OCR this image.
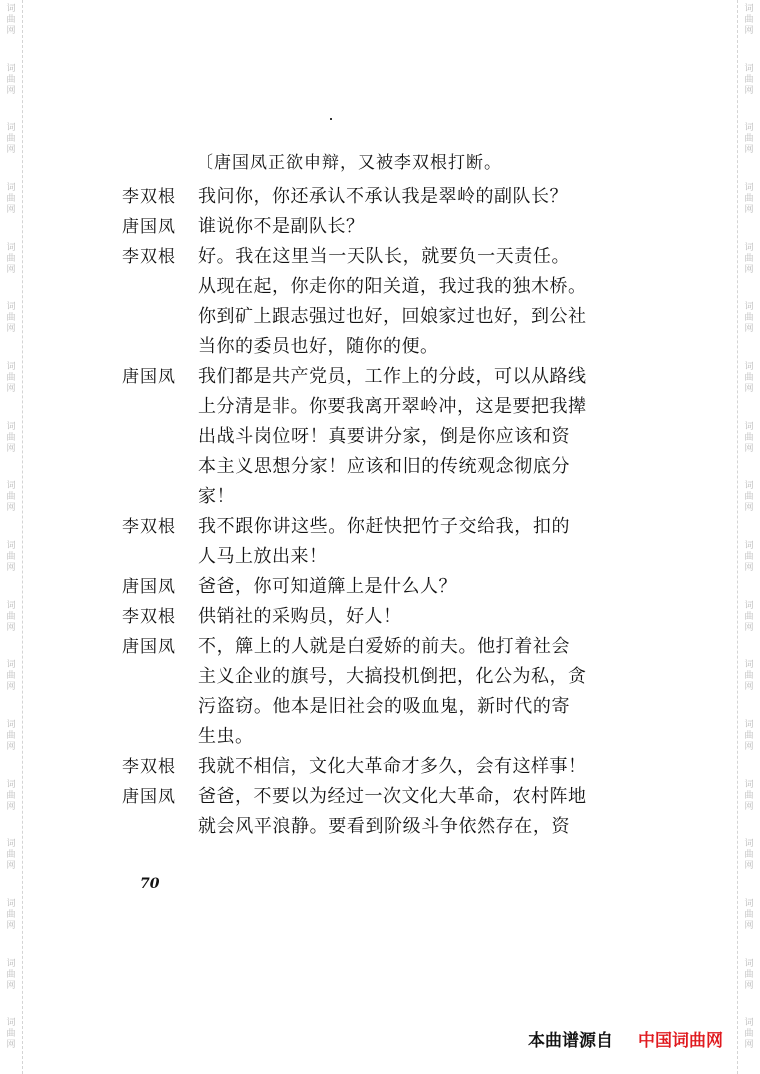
词
曲
网
词
曲
网
词
曲
网
词
曲
网
词
曲
网
词
曲
网
词
曲
网
词
曲
网
词
曲
网
词
曲
网
词
曲
网
词
曲
网
词
曲
网
词
曲
网
词
曲
网
词
曲
网
词
曲
网
词
曲
网
词
曲
网
词
曲
网
词
曲
网
词
曲
网
词
曲
网
词
曲
网
词
曲
网
词
曲
网
词
曲
网
词
曲
网
词
曲
网
词
曲
网
词
曲
网
词
曲
网
词
曲
网
词
曲
网
词
曲
网
词
曲
网
〔唐国凤正欲申辩，又被李双根打断。
李双根 我问你，你还承认不承认我是翠岭的副队长？
唐国凤 谁说你不是副队长？
李双根 好。我在这里当一天队长，就要负一天责任。
从现在起，你走你的阳关道，我过我的独木桥。
你到矿上跟志强过也好，回娘家过也好，到公社
当你的委员也好，随你的便。
唐国凤 我们都是共产党员，工作上的分歧，可以从路线
上分清是非。你要我离开翠岭冲，这是要把我撵
出战斗岗位呀！真要讲分家，倒是你应该和资
本主义思想分家！应该和旧的传统观念彻底分
家！
李双根 我不跟你讲这些。你赶快把竹子交给我，扣的
人马上放出来！
唐国凤 爸爸，你可知道簰上是什么人？
李双根 供销社的采购员，好人！
唐国凤 不，簰上的人就是白爱娇的前夫。他打着社会
主义企业的旗号，大搞投机倒把，化公为私，贪
污盗窃。他本是旧社会的吸血鬼，新时代的寄
生虫。
李双根 我就不相信，文化大革命才多久，会有这样事！
唐国凤 爸爸，不要以为经过一次文化大革命，农村阵地
就会风平浪静。要看到阶级斗争依然存在，资
70
本曲谱源自 中国词曲网
